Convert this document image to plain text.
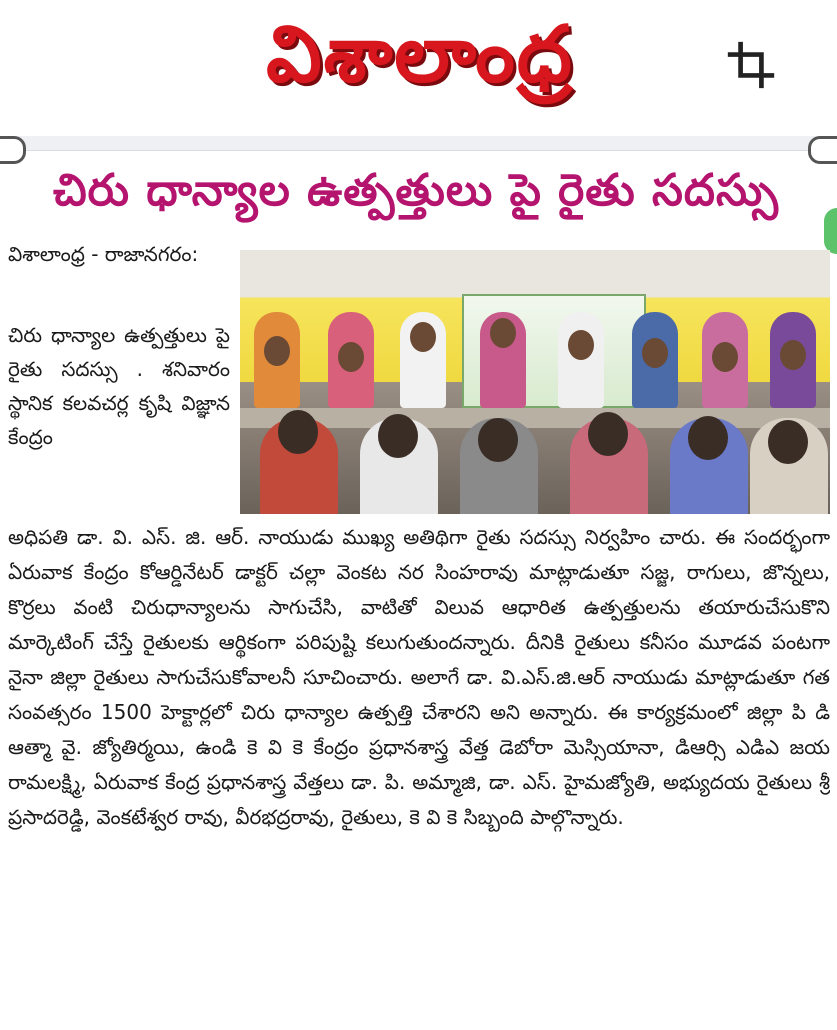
విశాలాంధ్ర
చిరు ధాన్యాల ఉత్పత్తులు పై రైతు సదస్సు
విశాలాంధ్ర - రాజానగరం:
చిరు ధాన్యాల ఉత్పత్తులు పై రైతు సదస్సు . శనివారం స్థానిక కలవచర్ల కృషి విజ్ఞాన కేంద్రం
అధిపతి డా. వి. ఎస్. జి. ఆర్. నాయుడు ముఖ్య అతిథిగా రైతు సదస్సు నిర్వహిం చారు. ఈ సందర్భంగా ఏరువాక కేంద్రం కోఆర్డినేటర్ డాక్టర్ చల్లా వెంకట నర సింహరావు మాట్లాడుతూ సజ్జ, రాగులు, జొన్నలు, కొర్రలు వంటి చిరుధాన్యాలను సాగుచేసి, వాటితో విలువ ఆధారిత ఉత్పత్తులను తయారుచేసుకొని మార్కెటింగ్ చేస్తే రైతులకు ఆర్థికంగా పరిపుష్టి కలుగుతుందన్నారు. దీనికి రైతులు కనీసం మూడవ పంటగా నైనా జిల్లా రైతులు సాగుచేసుకోవాలనీ సూచించారు. అలాగే డా. వి.ఎస్.జి.ఆర్ నాయుడు మాట్లాడుతూ గత సంవత్సరం 1500 హెక్టార్లలో చిరు ధాన్యాల ఉత్పత్తి చేశారని అని అన్నారు. ఈ కార్యక్రమంలో జిల్లా పి డి ఆత్మా వై. జ్యోతిర్మయి, ఉండి కె వి కె కేంద్రం ప్రధానశాస్త్ర వేత్త డెబోరా మెస్సియానా, డిఆర్సి ఎడిఎ జయ రామలక్ష్మి, ఏరువాక కేంద్ర ప్రధానశాస్త్ర వేత్తలు డా. పి. అమ్మాజి, డా. ఎస్. హైమజ్యోతి, అభ్యుదయ రైతులు శ్రీ ప్రసాదరెడ్డి, వెంకటేశ్వర రావు, వీరభద్రరావు, రైతులు, కె వి కె సిబ్బంది పాల్గొన్నారు.
